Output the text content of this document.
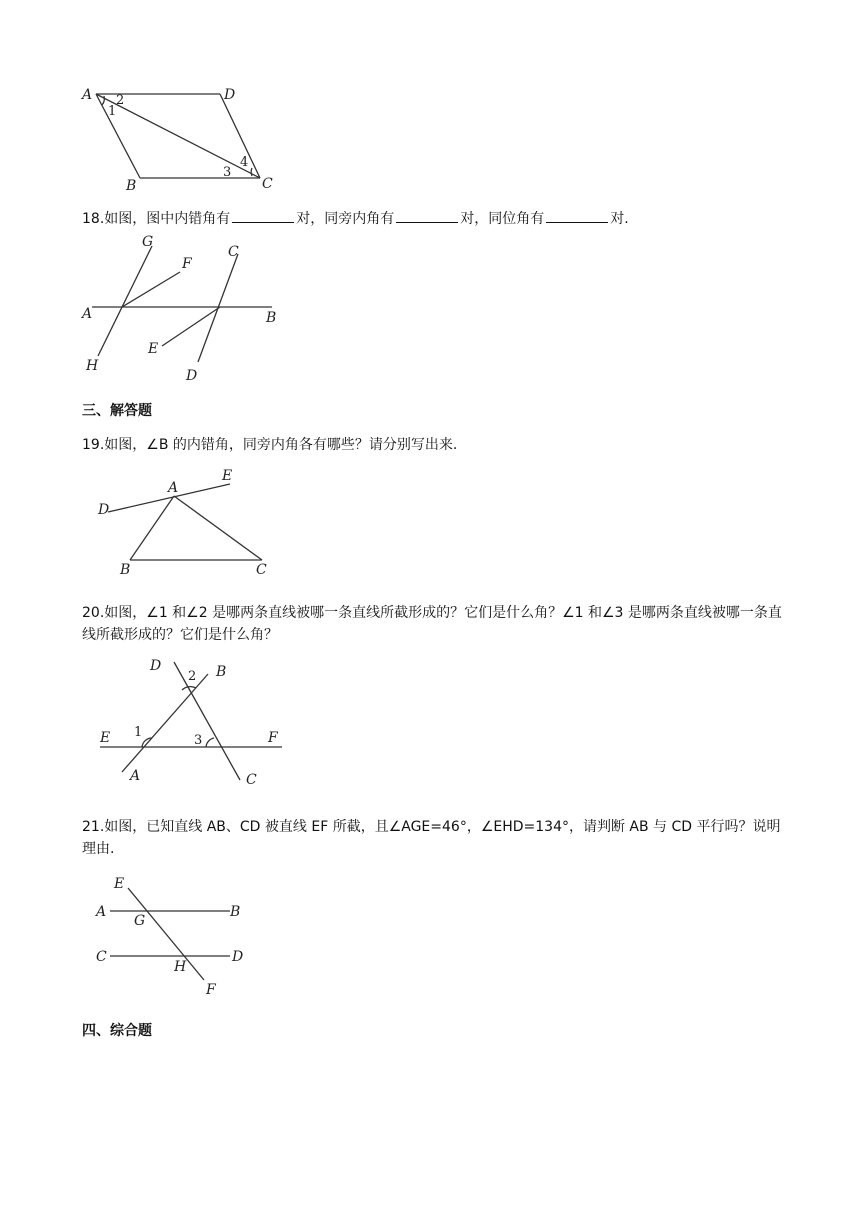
A	D
B	C
2
1
3
4

18.如图，图中内错角有	对，同旁内角有	对，同位角有	对.

G
F
C
A	B
E
H
D

三、解答题

19.如图，∠B 的内错角，同旁内角各有哪些？请分别写出来.

A
E
D
B	C

20.如图，∠1 和∠2 是哪两条直线被哪一条直线所截形成的？它们是什么角？∠1 和∠3 是哪两条直线被哪一条直线所截形成的？它们是什么角？

D	B
2
1
3
E	F
A	C

21.如图，已知直线 AB、CD 被直线 EF 所截，且∠AGE=46°，∠EHD=134°，请判断 AB 与 CD 平行吗？说明理由.

E
A	B
G
C	D
H
F

四、综合题
